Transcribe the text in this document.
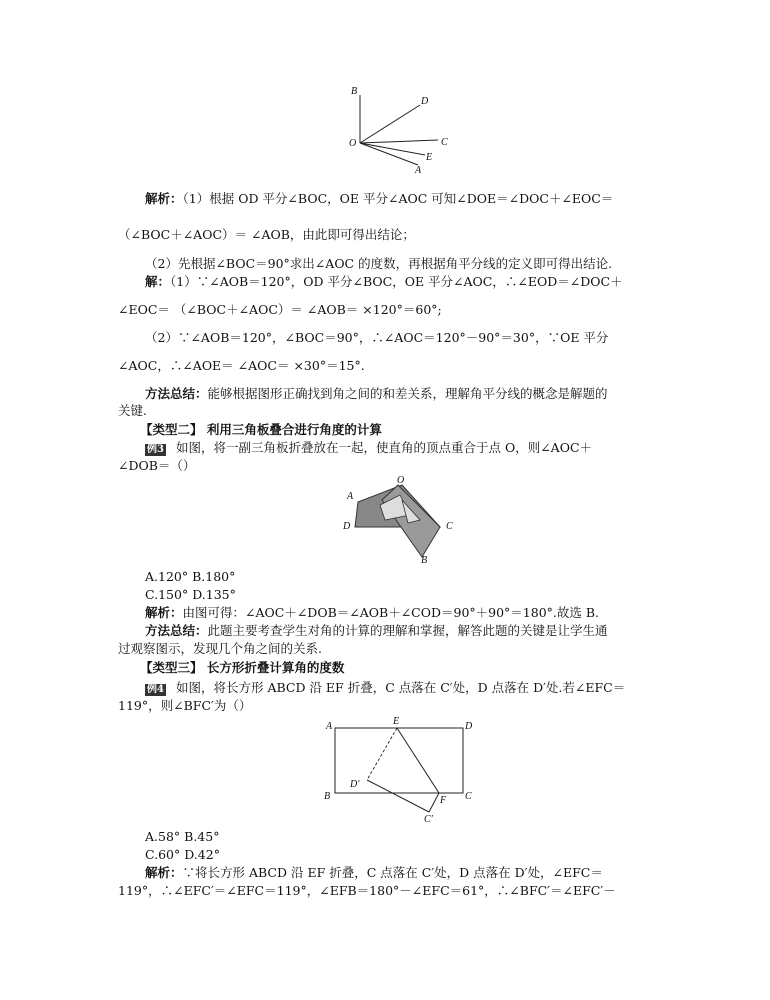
B
D
O	C
E
A
解析：（1）根据 OD 平分∠BOC，OE 平分∠AOC 可知∠DOE＝∠DOC＋∠EOC＝
（∠BOC＋∠AOC）＝ ∠AOB，由此即可得出结论；
（2）先根据∠BOC＝90°求出∠AOC 的度数，再根据角平分线的定义即可得出结论.
解：（1）∵∠AOB＝120°，OD 平分∠BOC，OE 平分∠AOC，∴∠EOD＝∠DOC＋
∠EOC＝ （∠BOC＋∠AOC）＝ ∠AOB＝ ×120°＝60°;
（2）∵∠AOB＝120°，∠BOC＝90°，∴∠AOC＝120°－90°＝30°，∵OE 平分
∠AOC，∴∠AOE＝ ∠AOC＝ ×30°＝15°.
方法总结：能够根据图形正确找到角之间的和差关系，理解角平分线的概念是解题的
关键.
【类型二】 利用三角板叠合进行角度的计算
例3 如图，将一副三角板折叠放在一起，使直角的顶点重合于点 O，则∠AOC＋
∠DOB＝（）
O
A
D	C
B
A.120° B.180°
C.150° D.135°
解析：由图可得：∠AOC＋∠DOB＝∠AOB＋∠COD＝90°＋90°＝180°.故选 B.
方法总结：此题主要考查学生对角的计算的理解和掌握，解答此题的关键是让学生通
过观察图示，发现几个角之间的关系.
【类型三】 长方形折叠计算角的度数
例4 如图，将长方形 ABCD 沿 EF 折叠，C 点落在 C′处，D 点落在 D′处.若∠EFC＝
119°，则∠BFC′为（）
A	E	D
D′
B	F C
C′
A.58° B.45°
C.60° D.42°
解析：∵将长方形 ABCD 沿 EF 折叠，C 点落在 C′处，D 点落在 D′处，∠EFC＝
119°，∴∠EFC′＝∠EFC＝119°，∠EFB＝180°－∠EFC＝61°，∴∠BFC′＝∠EFC′－
